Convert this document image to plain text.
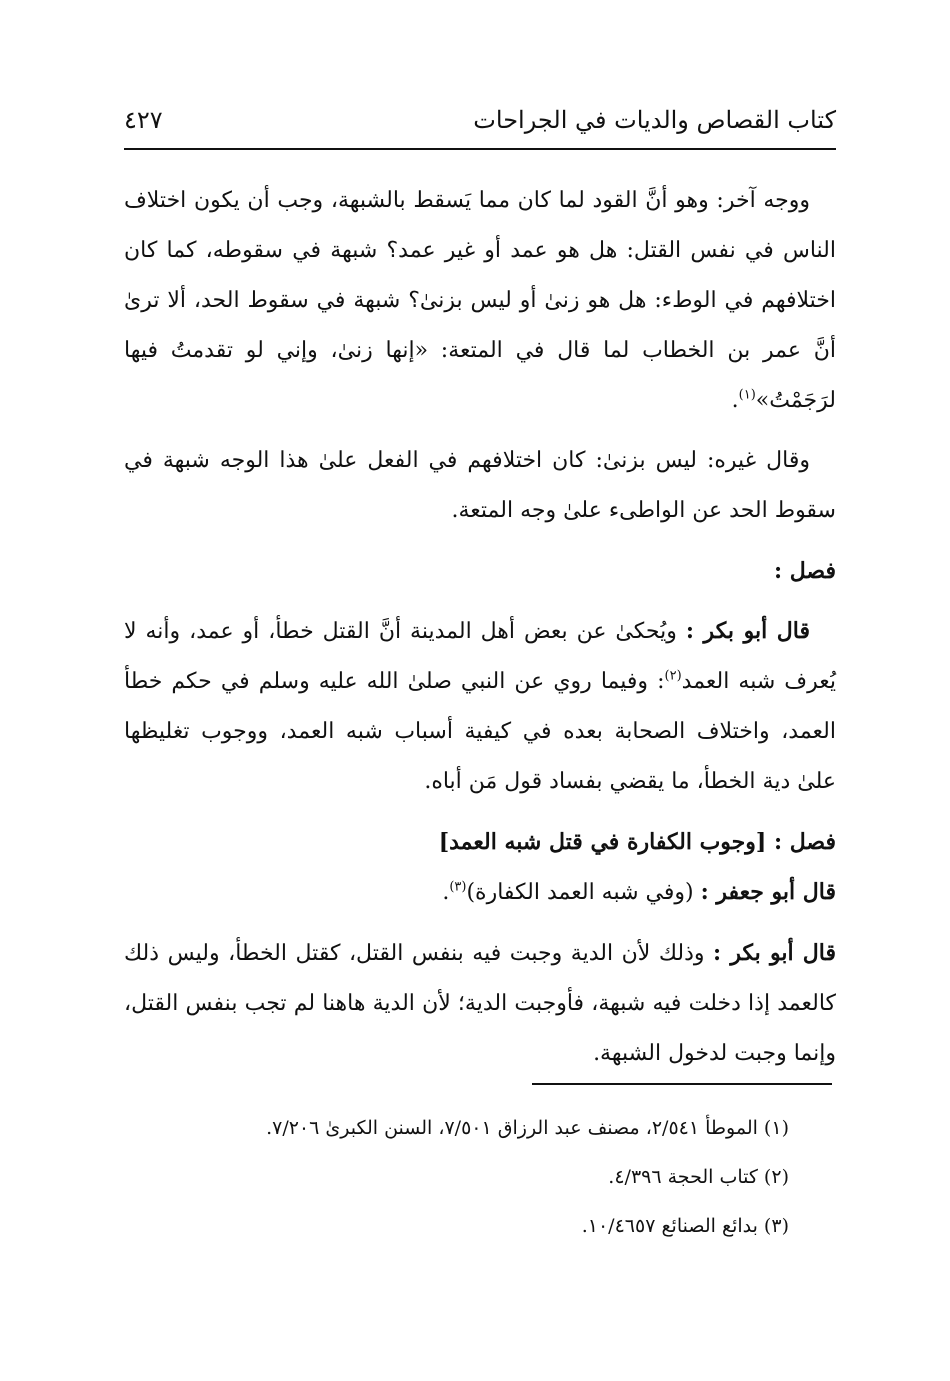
كتاب القصاص والديات في الجراحات
٤٢٧

ووجه آخر: وهو أنَّ القود لما كان مما يَسقط بالشبهة، وجب أن يكون اختلاف الناس في نفس القتل: هل هو عمد أو غير عمد؟ شبهة في سقوطه، كما كان اختلافهم في الوطء: هل هو زنىٰ أو ليس بزنىٰ؟ شبهة في سقوط الحد، ألا ترىٰ أنَّ عمر بن الخطاب لما قال في المتعة: «إنها زنىٰ، وإني لو تقدمتُ فيها لرَجَمْتُ»$^{(١)}$.

وقال غيره: ليس بزنىٰ: كان اختلافهم في الفعل علىٰ هذا الوجه شبهة في سقوط الحد عن الواطىء علىٰ وجه المتعة.

فصل :

قال أبو بكر : ويُحكىٰ عن بعض أهل المدينة أنَّ القتل خطأ، أو عمد، وأنه لا يُعرف شبه العمد$^{(٢)}$: وفيما روي عن النبي صلىٰ الله عليه وسلم في حكم خطأ العمد، واختلاف الصحابة بعده في كيفية أسباب شبه العمد، ووجوب تغليظها علىٰ دية الخطأ، ما يقضي بفساد قول مَن أباه.

فصل : [وجوب الكفارة في قتل شبه العمد]

قال أبو جعفر : (وفي شبه العمد الكفارة)$^{(٣)}$.

قال أبو بكر : وذلك لأن الدية وجبت فيه بنفس القتل، كقتل الخطأ، وليس ذلك كالعمد إذا دخلت فيه شبهة، فأوجبت الدية؛ لأن الدية هاهنا لم تجب بنفس القتل، وإنما وجبت لدخول الشبهة.

(١) الموطأ ٢/٥٤١، مصنف عبد الرزاق ٧/٥٠١، السنن الكبرىٰ ٧/٢٠٦.

(٢) كتاب الحجة ٤/٣٩٦.

(٣) بدائع الصنائع ١٠/٤٦٥٧.
